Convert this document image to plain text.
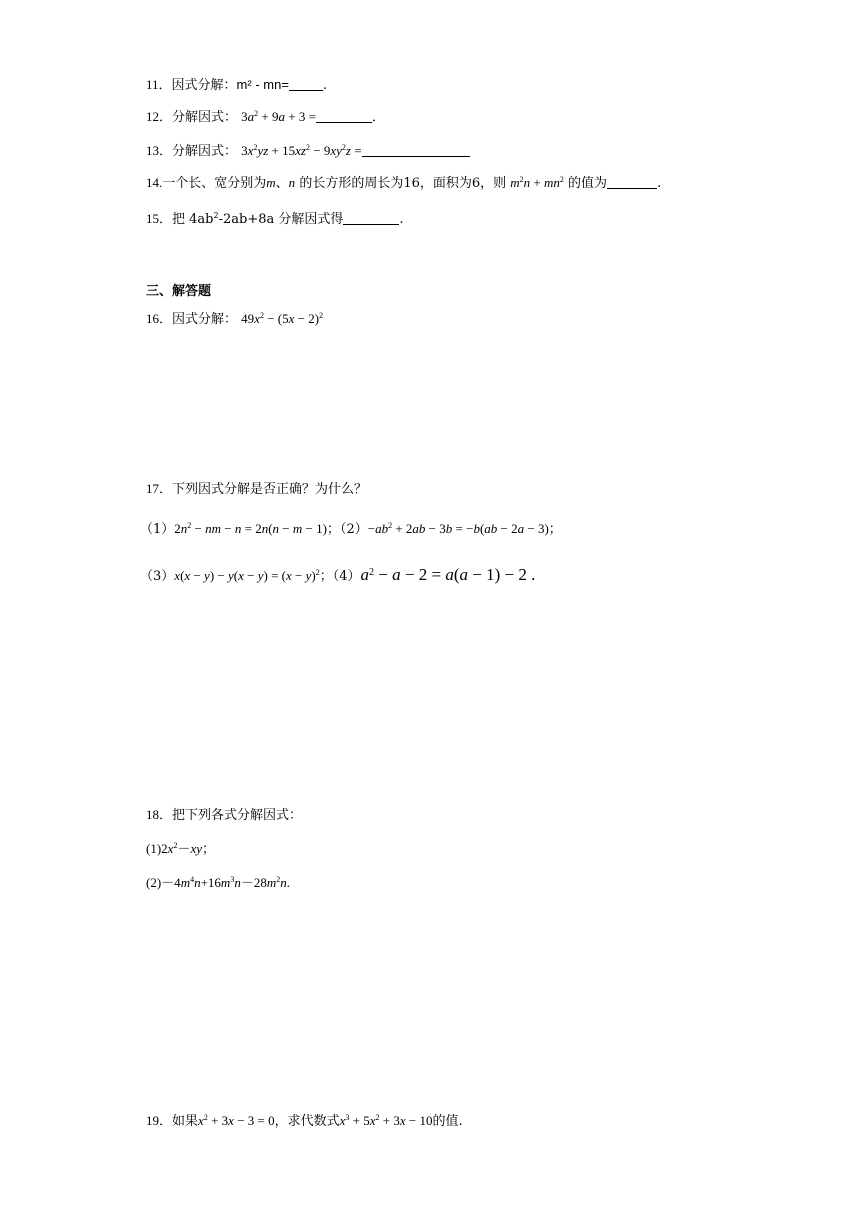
11．因式分解：m² ‑ mn=	.
12．分解因式： $3a^2 + 9a + 3$ =	．
13．分解因式： $3x^2yz + 15xz^2 - 9xy^2z$ =
14.一个长、宽分别为m、n 的长方形的周长为16，面积为6，则 $m^2n + mn^2$ 的值为	.
15．把 $4ab^2-2ab+8a$ 分解因式得	.
三、解答题
16．因式分解： $49x^2 - (5x - 2)^2$
17．下列因式分解是否正确？为什么？
$(1)2n^2$ − nm − n = 2n(n − m − 1)；$(2)-ab^2 + 2ab - 3b = -b(ab - 2a - 3)$；
$(3)x(x - y) - y(x - y) = (x - y)^2$；$(4)a^2 - a - 2 = a(a - 1) - 2$ .
18．把下列各式分解因式：
$(1)2x^2-xy$；
$(2)-4m^4n+16m^3n-28m^2n$.
19．如果$x^2 + 3x - 3 = 0$，求代数式$x^3 + 5x^2 + 3x - 10$的值.
